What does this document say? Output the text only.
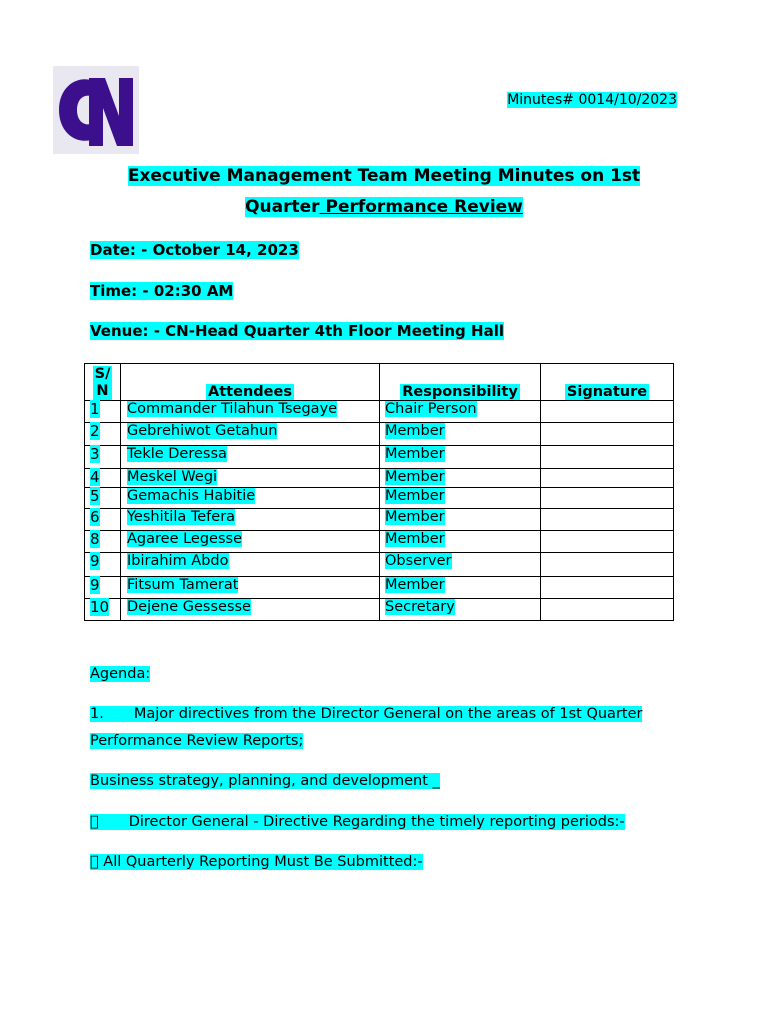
Minutes# 0014/10/2023
Executive Management Team Meeting Minutes on 1st
Quarter Performance Review
Date: - October 14, 2023
Time: - 02:30 AM
Venue: - CN-Head Quarter 4th Floor Meeting Hall
S/
N	Attendees	Responsibility	Signature
1	Commander Tilahun Tsegaye	Chair Person	
2	Gebrehiwot Getahun	Member	
3	Tekle Deressa	Member	
4	Meskel Wegi	Member	
5	Gemachis Habitie	Member	
6	Yeshitila Tefera	Member	
8	Agaree Legesse	Member	
9	Ibirahim Abdo	Observer	
9	Fitsum Tamerat	Member	
10	Dejene Gessesse	Secretary	
Agenda:
1. Major directives from the Director General on the areas of 1st Quarter Performance Review Reports;
Business strategy, planning, and development _
Director General - Directive Regarding the timely reporting periods:-
All Quarterly Reporting Must Be Submitted:-
